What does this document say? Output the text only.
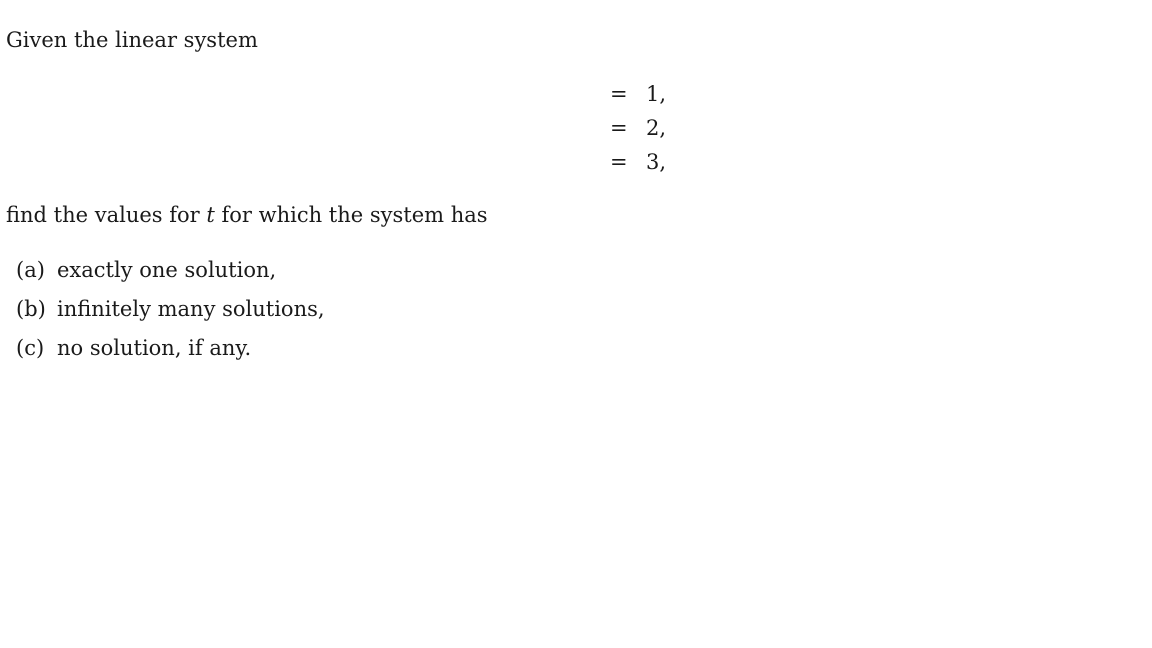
Given the linear system
= 1,
= 2,
= 3,
find the values for t for which the system has
(a) exactly one solution,
(b) infinitely many solutions,
(c) no solution, if any.
